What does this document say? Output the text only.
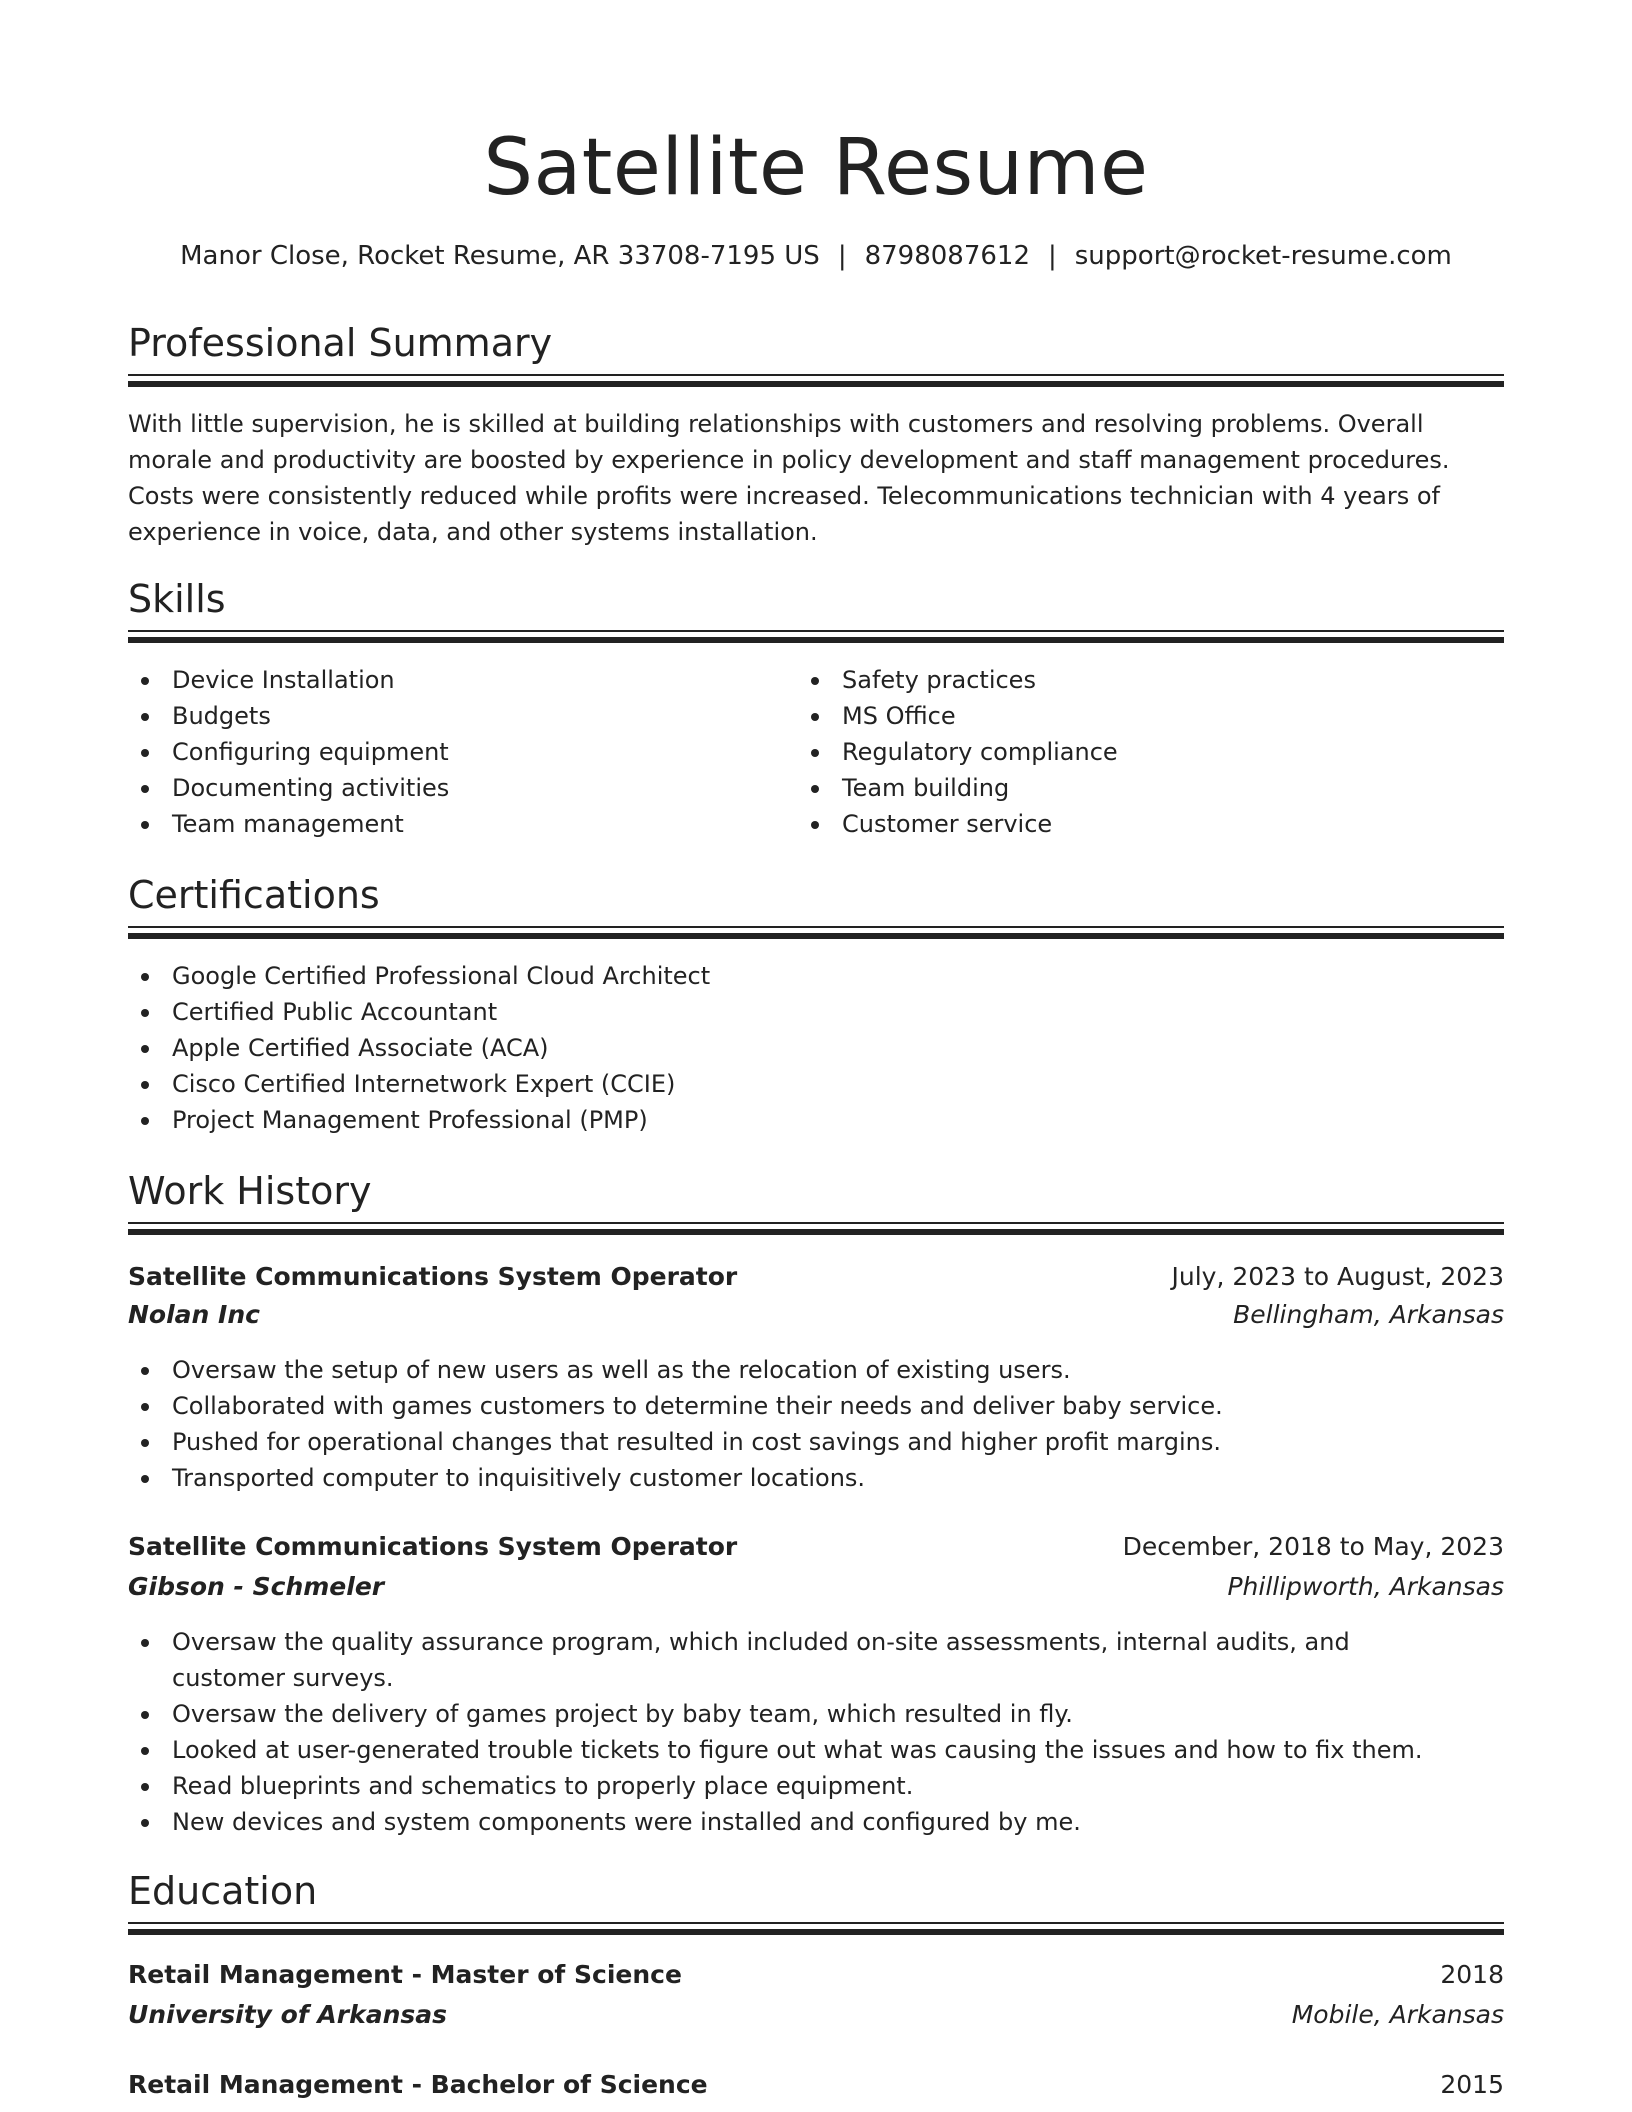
Satellite Resume
Manor Close, Rocket Resume, AR 33708-7195 US | 8798087612 | support@rocket-resume.com
Professional Summary
With little supervision, he is skilled at building relationships with customers and resolving problems. Overall morale and productivity are boosted by experience in policy development and staff management procedures. Costs were consistently reduced while profits were increased. Telecommunications technician with 4 years of experience in voice, data, and other systems installation.
Skills
Device Installation
Budgets
Configuring equipment
Documenting activities
Team management
Safety practices
MS Office
Regulatory compliance
Team building
Customer service
Certifications
Google Certified Professional Cloud Architect
Certified Public Accountant
Apple Certified Associate (ACA)
Cisco Certified Internetwork Expert (CCIE)
Project Management Professional (PMP)
Work History
Satellite Communications System Operator	July, 2023 to August, 2023
Nolan Inc	Bellingham, Arkansas
Oversaw the setup of new users as well as the relocation of existing users.
Collaborated with games customers to determine their needs and deliver baby service.
Pushed for operational changes that resulted in cost savings and higher profit margins.
Transported computer to inquisitively customer locations.
Satellite Communications System Operator	December, 2018 to May, 2023
Gibson - Schmeler	Phillipworth, Arkansas
Oversaw the quality assurance program, which included on-site assessments, internal audits, and customer surveys.
Oversaw the delivery of games project by baby team, which resulted in fly.
Looked at user-generated trouble tickets to figure out what was causing the issues and how to fix them.
Read blueprints and schematics to properly place equipment.
New devices and system components were installed and configured by me.
Education
Retail Management - Master of Science	2018
University of Arkansas	Mobile, Arkansas
Retail Management - Bachelor of Science	2015
